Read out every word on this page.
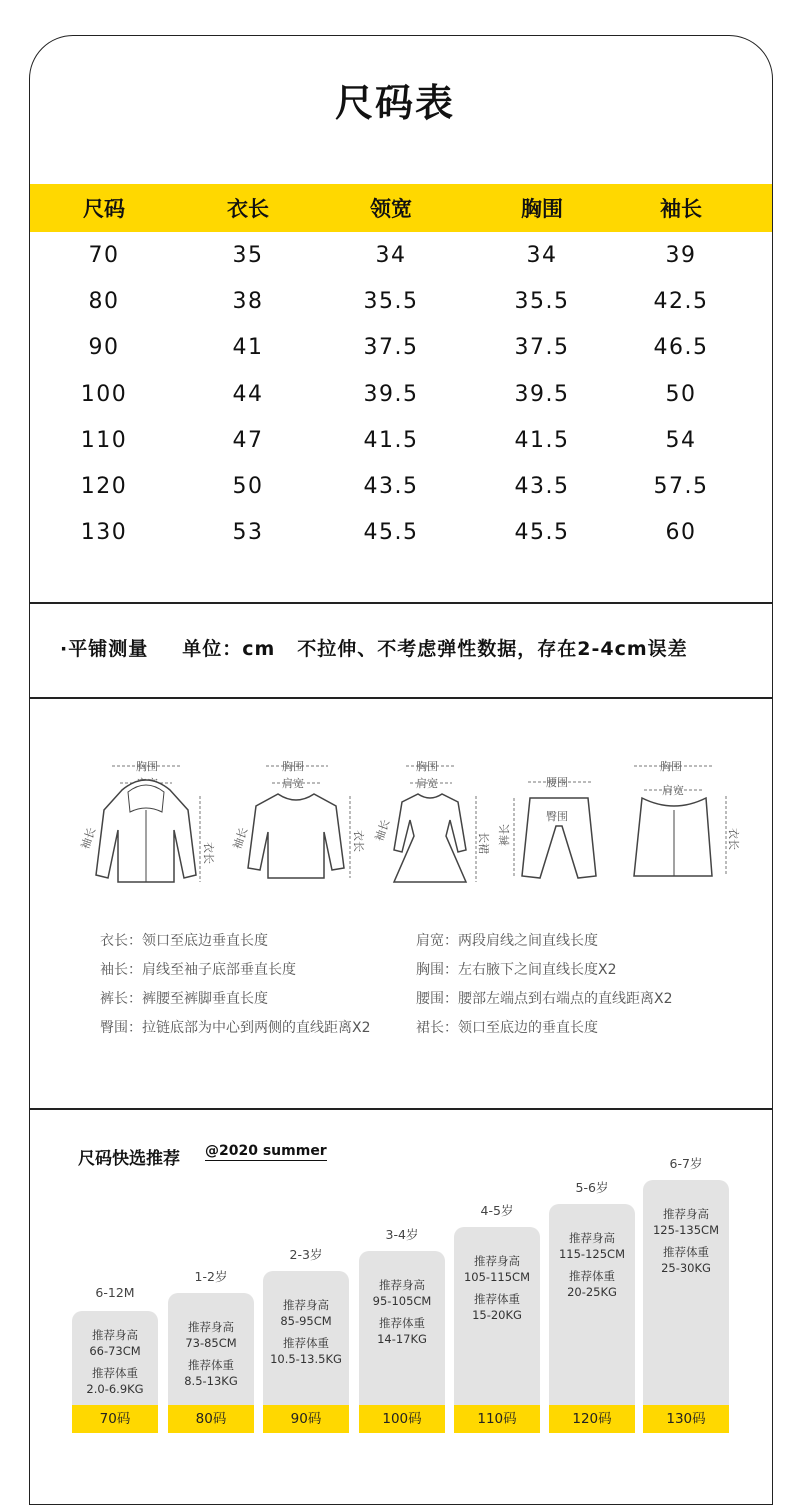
尺码表
尺码	衣长	领宽	胸围	袖长
70	35	34	34	39
80	38	35.5	35.5	42.5
90	41	37.5	37.5	46.5
100	44	39.5	39.5	50
110	47	41.5	41.5	54
120	50	43.5	43.5	57.5
130	53	45.5	45.5	60
·平铺测量 单位：cm 不拉伸、不考虑弹性数据，存在2-4cm误差
胸围
衣长
袖长
胸围
肩宽
衣长
袖长
胸围
肩宽
长裙
袖长
腰围
臀围
裤长
胸围
肩宽
衣长
衣长：领口至底边垂直长度
袖长：肩线至袖子底部垂直长度
裤长：裤腰至裤脚垂直长度
臀围：拉链底部为中心到两侧的直线距离X2
肩宽：两段肩线之间直线长度
胸围：左右腋下之间直线长度X2
腰围：腰部左端点到右端点的直线距离X2
裙长：领口至底边的垂直长度
尺码快选推荐 @2020 summer
6-12M
推荐身高
66-73CM
推荐体重
2.0-6.9KG
70码
1-2岁
推荐身高
73-85CM
推荐体重
8.5-13KG
80码
2-3岁
推荐身高
85-95CM
推荐体重
10.5-13.5KG
90码
3-4岁
推荐身高
95-105CM
推荐体重
14-17KG
100码
4-5岁
推荐身高
105-115CM
推荐体重
15-20KG
110码
5-6岁
推荐身高
115-125CM
推荐体重
20-25KG
120码
6-7岁
推荐身高
125-135CM
推荐体重
25-30KG
130码
